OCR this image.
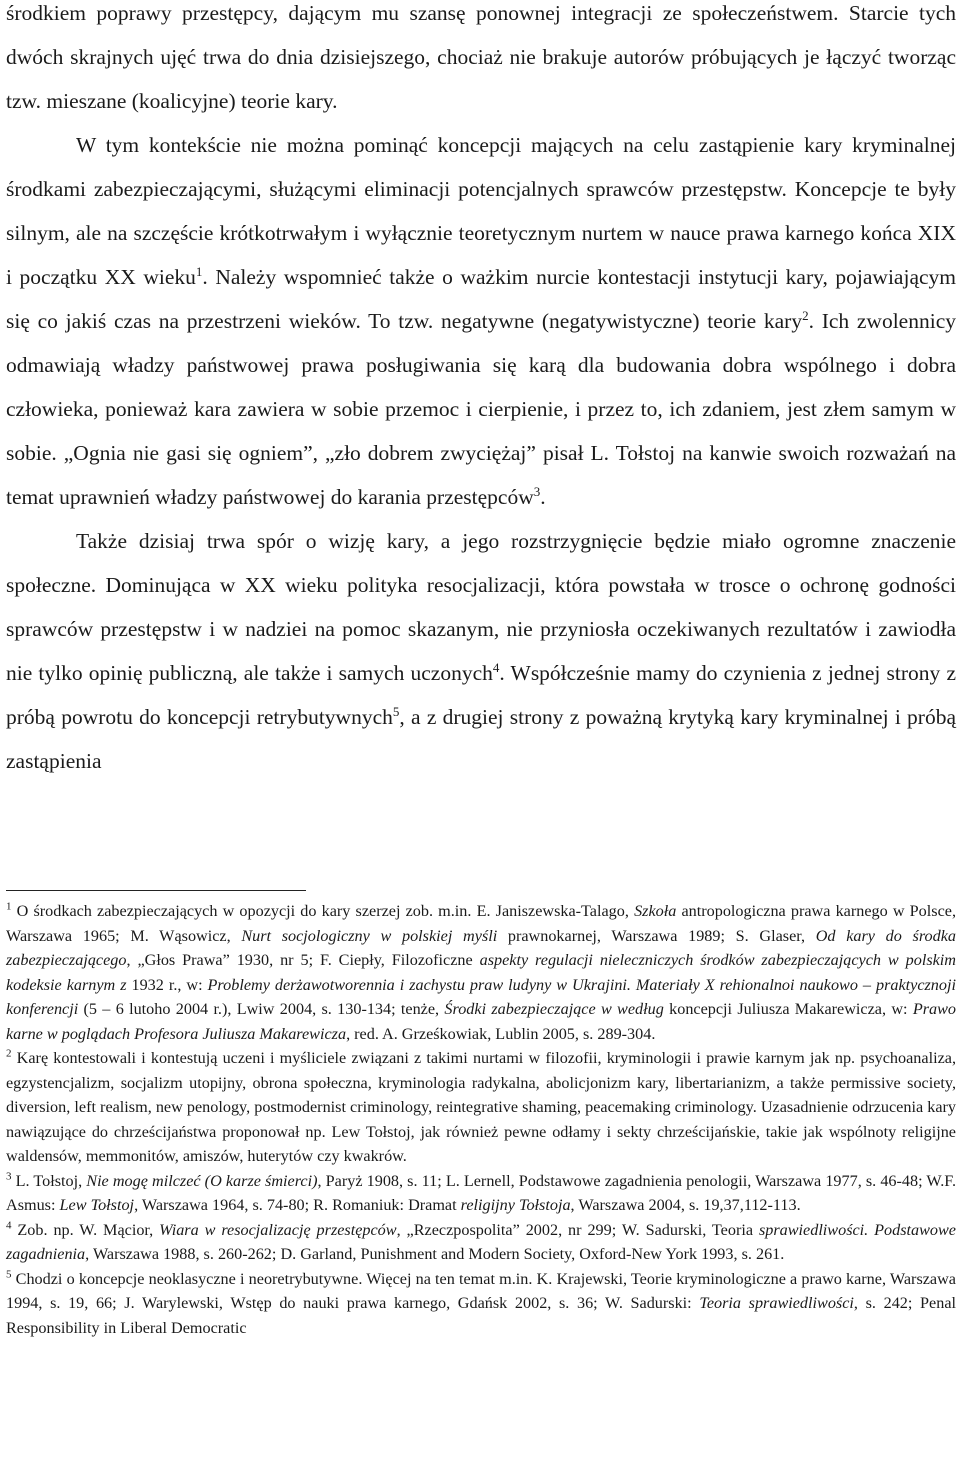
środkiem poprawy przestępcy, dającym mu szansę ponownej integracji ze społeczeństwem. Starcie tych dwóch skrajnych ujęć trwa do dnia dzisiejszego, chociaż nie brakuje autorów próbujących je łączyć tworząc tzw. mieszane (koalicyjne) teorie kary.

W tym kontekście nie można pominąć koncepcji mających na celu zastąpienie kary kryminalnej środkami zabezpieczającymi, służącymi eliminacji potencjalnych sprawców przestępstw. Koncepcje te były silnym, ale na szczęście krótkotrwałym i wyłącznie teoretycznym nurtem w nauce prawa karnego końca XIX i początku XX wieku$^1$. Należy wspomnieć także o ważkim nurcie kontestacji instytucji kary, pojawiającym się co jakiś czas na przestrzeni wieków. To tzw. negatywne (negatywistyczne) teorie kary$^2$. Ich zwolennicy odmawiają władzy państwowej prawa posługiwania się karą dla budowania dobra wspólnego i dobra człowieka, ponieważ kara zawiera w sobie przemoc i cierpienie, i przez to, ich zdaniem, jest złem samym w sobie. „Ognia nie gasi się ogniem”, „zło dobrem zwyciężaj” pisał L. Tołstoj na kanwie swoich rozważań na temat uprawnień władzy państwowej do karania przestępców$^3$.

Także dzisiaj trwa spór o wizję kary, a jego rozstrzygnięcie będzie miało ogromne znaczenie społeczne. Dominująca w XX wieku polityka resocjalizacji, która powstała w trosce o ochronę godności sprawców przestępstw i w nadziei na pomoc skazanym, nie przyniosła oczekiwanych rezultatów i zawiodła nie tylko opinię publiczną, ale także i samych uczonych$^4$. Współcześnie mamy do czynienia z jednej strony z próbą powrotu do koncepcji retrybutywnych$^5$, a z drugiej strony z poważną krytyką kary kryminalnej i próbą zastąpienia

$^1$ O środkach zabezpieczających w opozycji do kary szerzej zob. m.in. E. Janiszewska-Talago, Szkoła antropologiczna prawa karnego w Polsce, Warszawa 1965; M. Wąsowicz, Nurt socjologiczny w polskiej myśli prawnokarnej, Warszawa 1989; S. Glaser, Od kary do środka zabezpieczającego, „Głos Prawa” 1930, nr 5; F. Ciepły, Filozoficzne aspekty regulacji nieleczniczych środków zabezpieczających w polskim kodeksie karnym z 1932 r., w: Problemy derżawotworennia i zachystu praw ludyny w Ukrajini. Materiały X rehionalnoi naukowo – praktycznoji konferencji (5 – 6 lutoho 2004 r.), Lwiw 2004, s. 130-134; tenże, Środki zabezpieczające w według koncepcji Juliusza Makarewicza, w: Prawo karne w poglądach Profesora Juliusza Makarewicza, red. A. Grześkowiak, Lublin 2005, s. 289-304.

$^2$ Karę kontestowali i kontestują uczeni i myśliciele związani z takimi nurtami w filozofii, kryminologii i prawie karnym jak np. psychoanaliza, egzystencjalizm, socjalizm utopijny, obrona społeczna, kryminologia radykalna, abolicjonizm kary, libertarianizm, a także permissive society, diversion, left realism, new penology, postmodernist criminology, reintegrative shaming, peacemaking criminology. Uzasadnienie odrzucenia kary nawiązujące do chrześcijaństwa proponował np. Lew Tołstoj, jak również pewne odłamy i sekty chrześcijańskie, takie jak wspólnoty religijne waldensów, memmonitów, amiszów, huterytów czy kwakrów.

$^3$ L. Tołstoj, Nie mogę milczeć (O karze śmierci), Paryż 1908, s. 11; L. Lernell, Podstawowe zagadnienia penologii, Warszawa 1977, s. 46-48; W.F. Asmus: Lew Tołstoj, Warszawa 1964, s. 74-80; R. Romaniuk: Dramat religijny Tołstoja, Warszawa 2004, s. 19,37,112-113.

$^4$ Zob. np. W. Mącior, Wiara w resocjalizację przestępców, „Rzeczpospolita” 2002, nr 299; W. Sadurski, Teoria sprawiedliwości. Podstawowe zagadnienia, Warszawa 1988, s. 260-262; D. Garland, Punishment and Modern Society, Oxford-New York 1993, s. 261.

$^5$ Chodzi o koncepcje neoklasyczne i neoretrybutywne. Więcej na ten temat m.in. K. Krajewski, Teorie kryminologiczne a prawo karne, Warszawa 1994, s. 19, 66; J. Warylewski, Wstęp do nauki prawa karnego, Gdańsk 2002, s. 36; W. Sadurski: Teoria sprawiedliwości, s. 242; Penal Responsibility in Liberal Democratic
